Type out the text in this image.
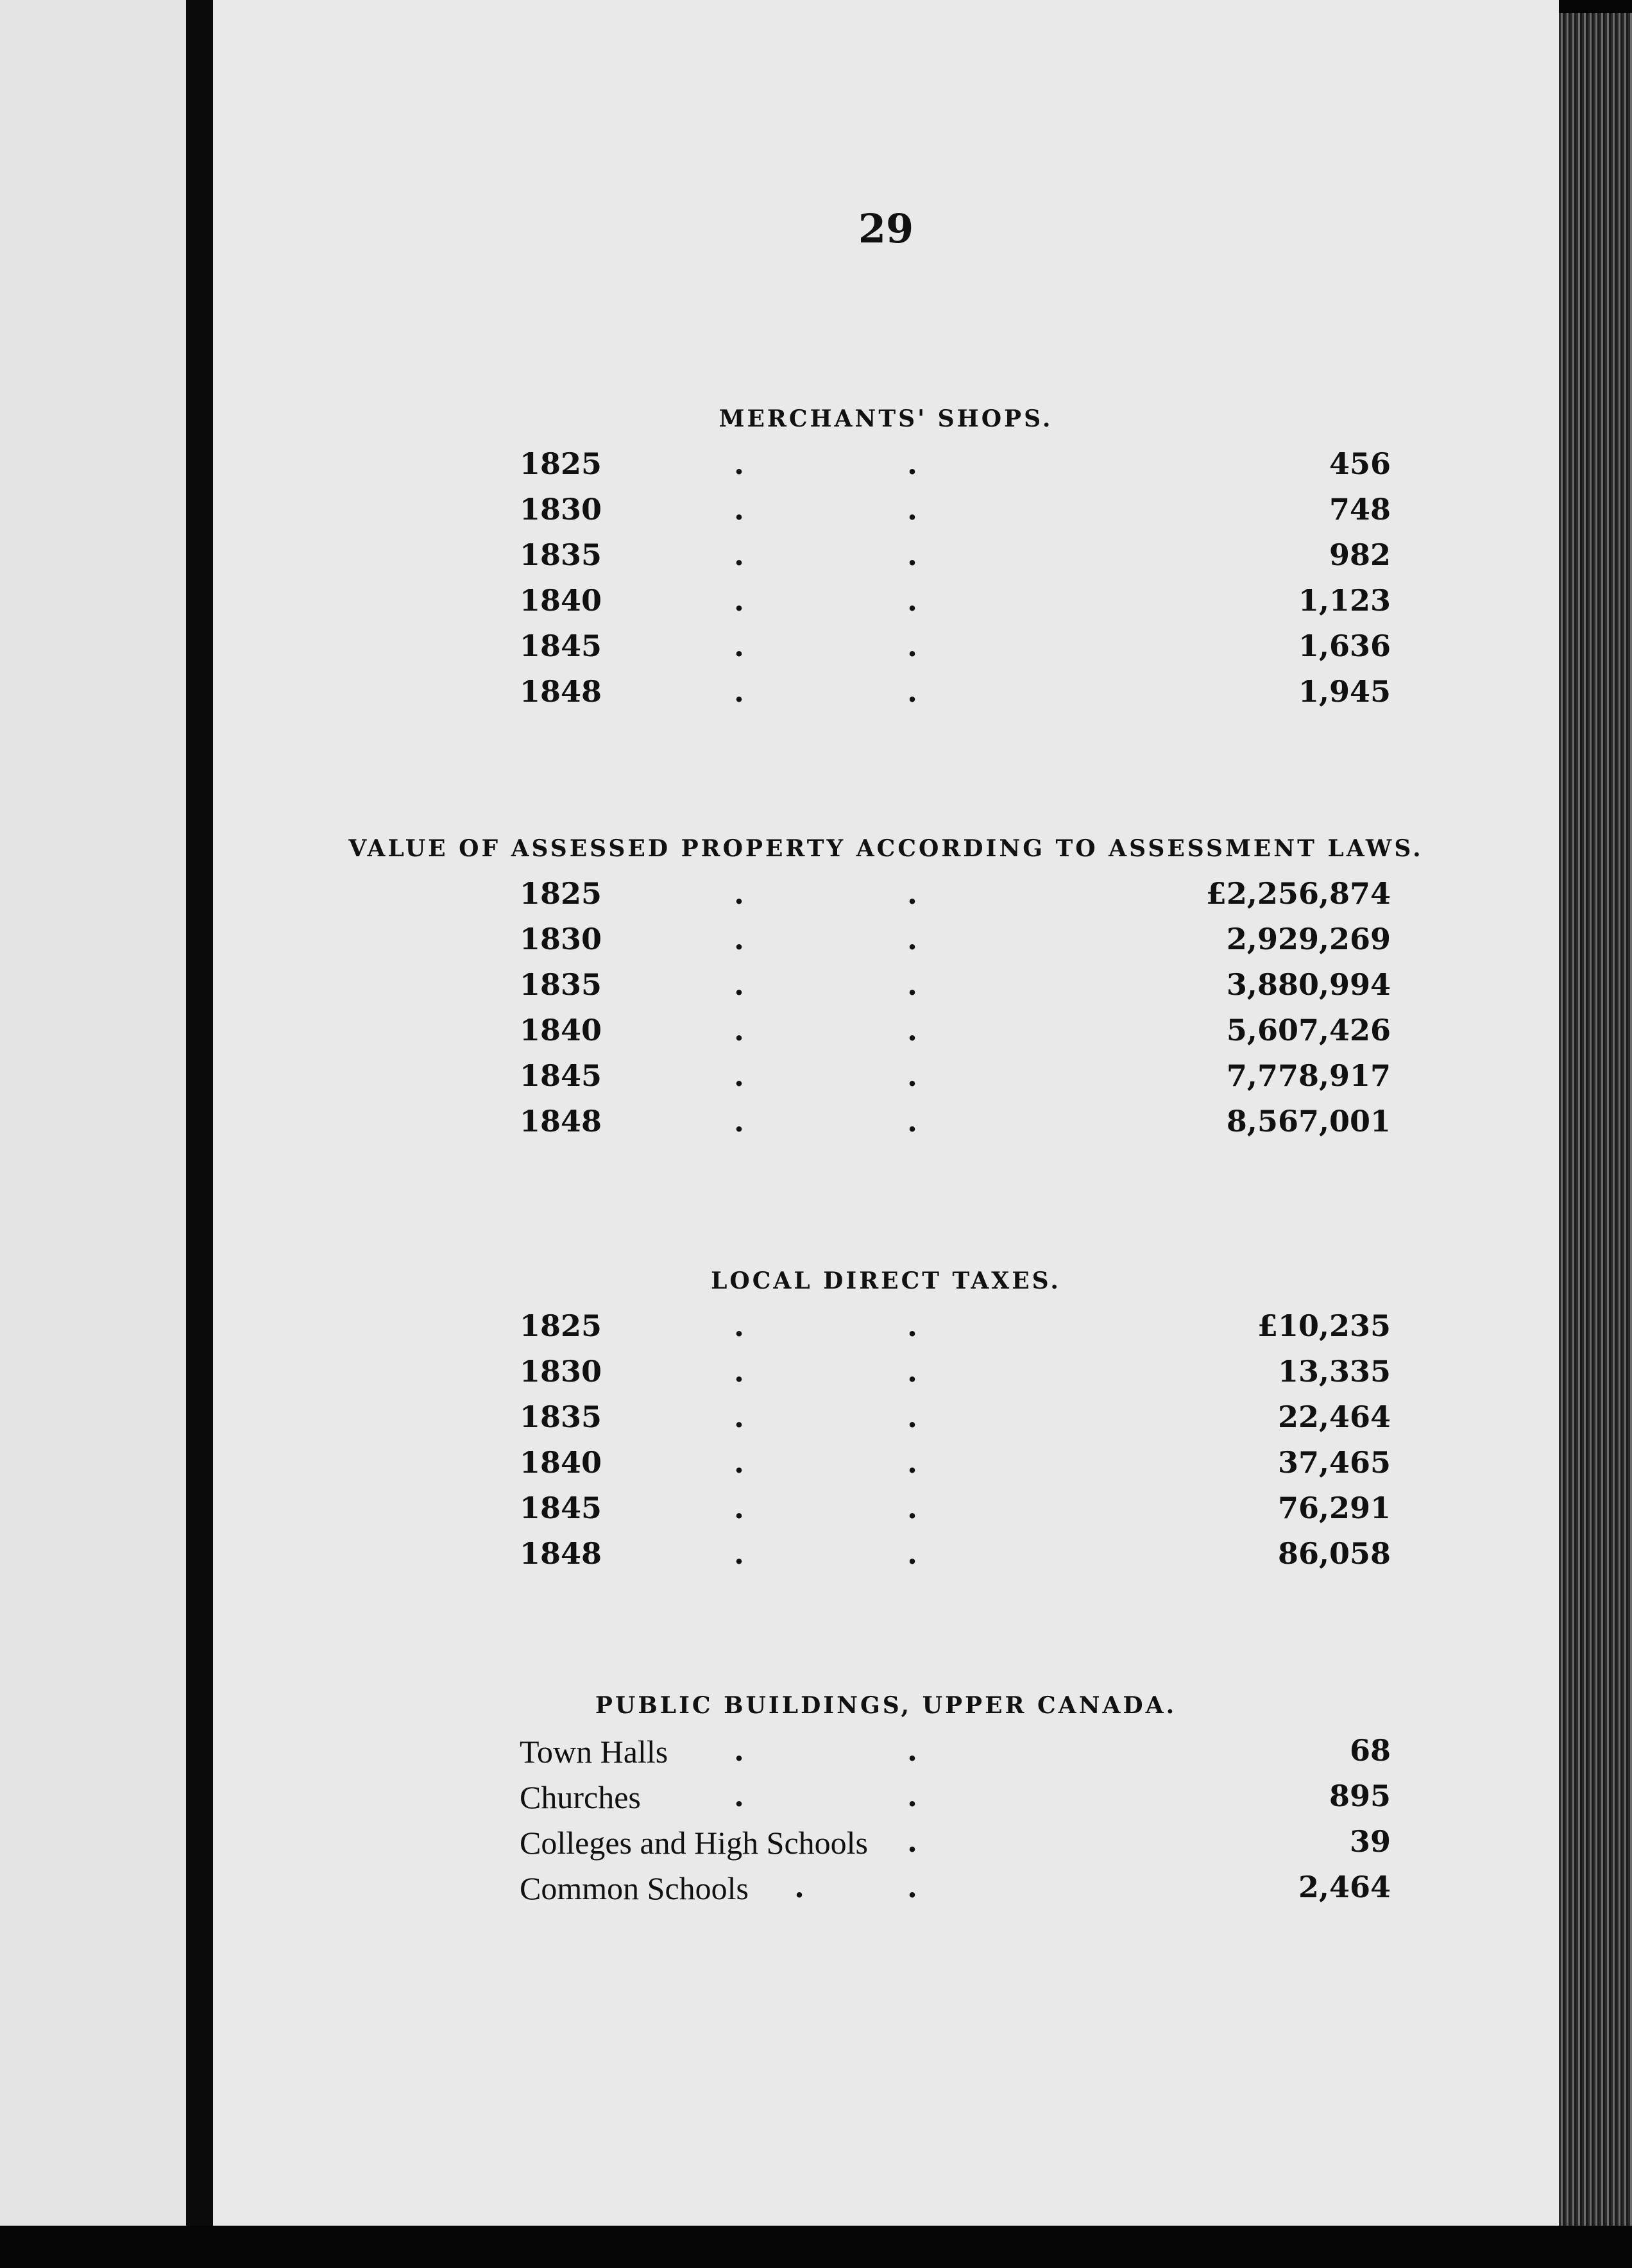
29
MERCHANTS' SHOPS.
1825	.	.	456
1830	.	.	748
1835	.	.	982
1840	.	.	1,123
1845	.	.	1,636
1848	.	.	1,945
VALUE OF ASSESSED PROPERTY ACCORDING TO ASSESSMENT LAWS.
1825	.	.	£2,256,874
1830	.	.	2,929,269
1835	.	.	3,880,994
1840	.	.	5,607,426
1845	.	.	7,778,917
1848	.	.	8,567,001
LOCAL DIRECT TAXES.
1825	.	.	£10,235
1830	.	.	13,335
1835	.	.	22,464
1840	.	.	37,465
1845	.	.	76,291
1848	.	.	86,058
PUBLIC BUILDINGS, UPPER CANADA.
Town Halls .	.	68
Churches	.	.	895
Colleges and High Schools .	39
Common Schools .	.	2,464
